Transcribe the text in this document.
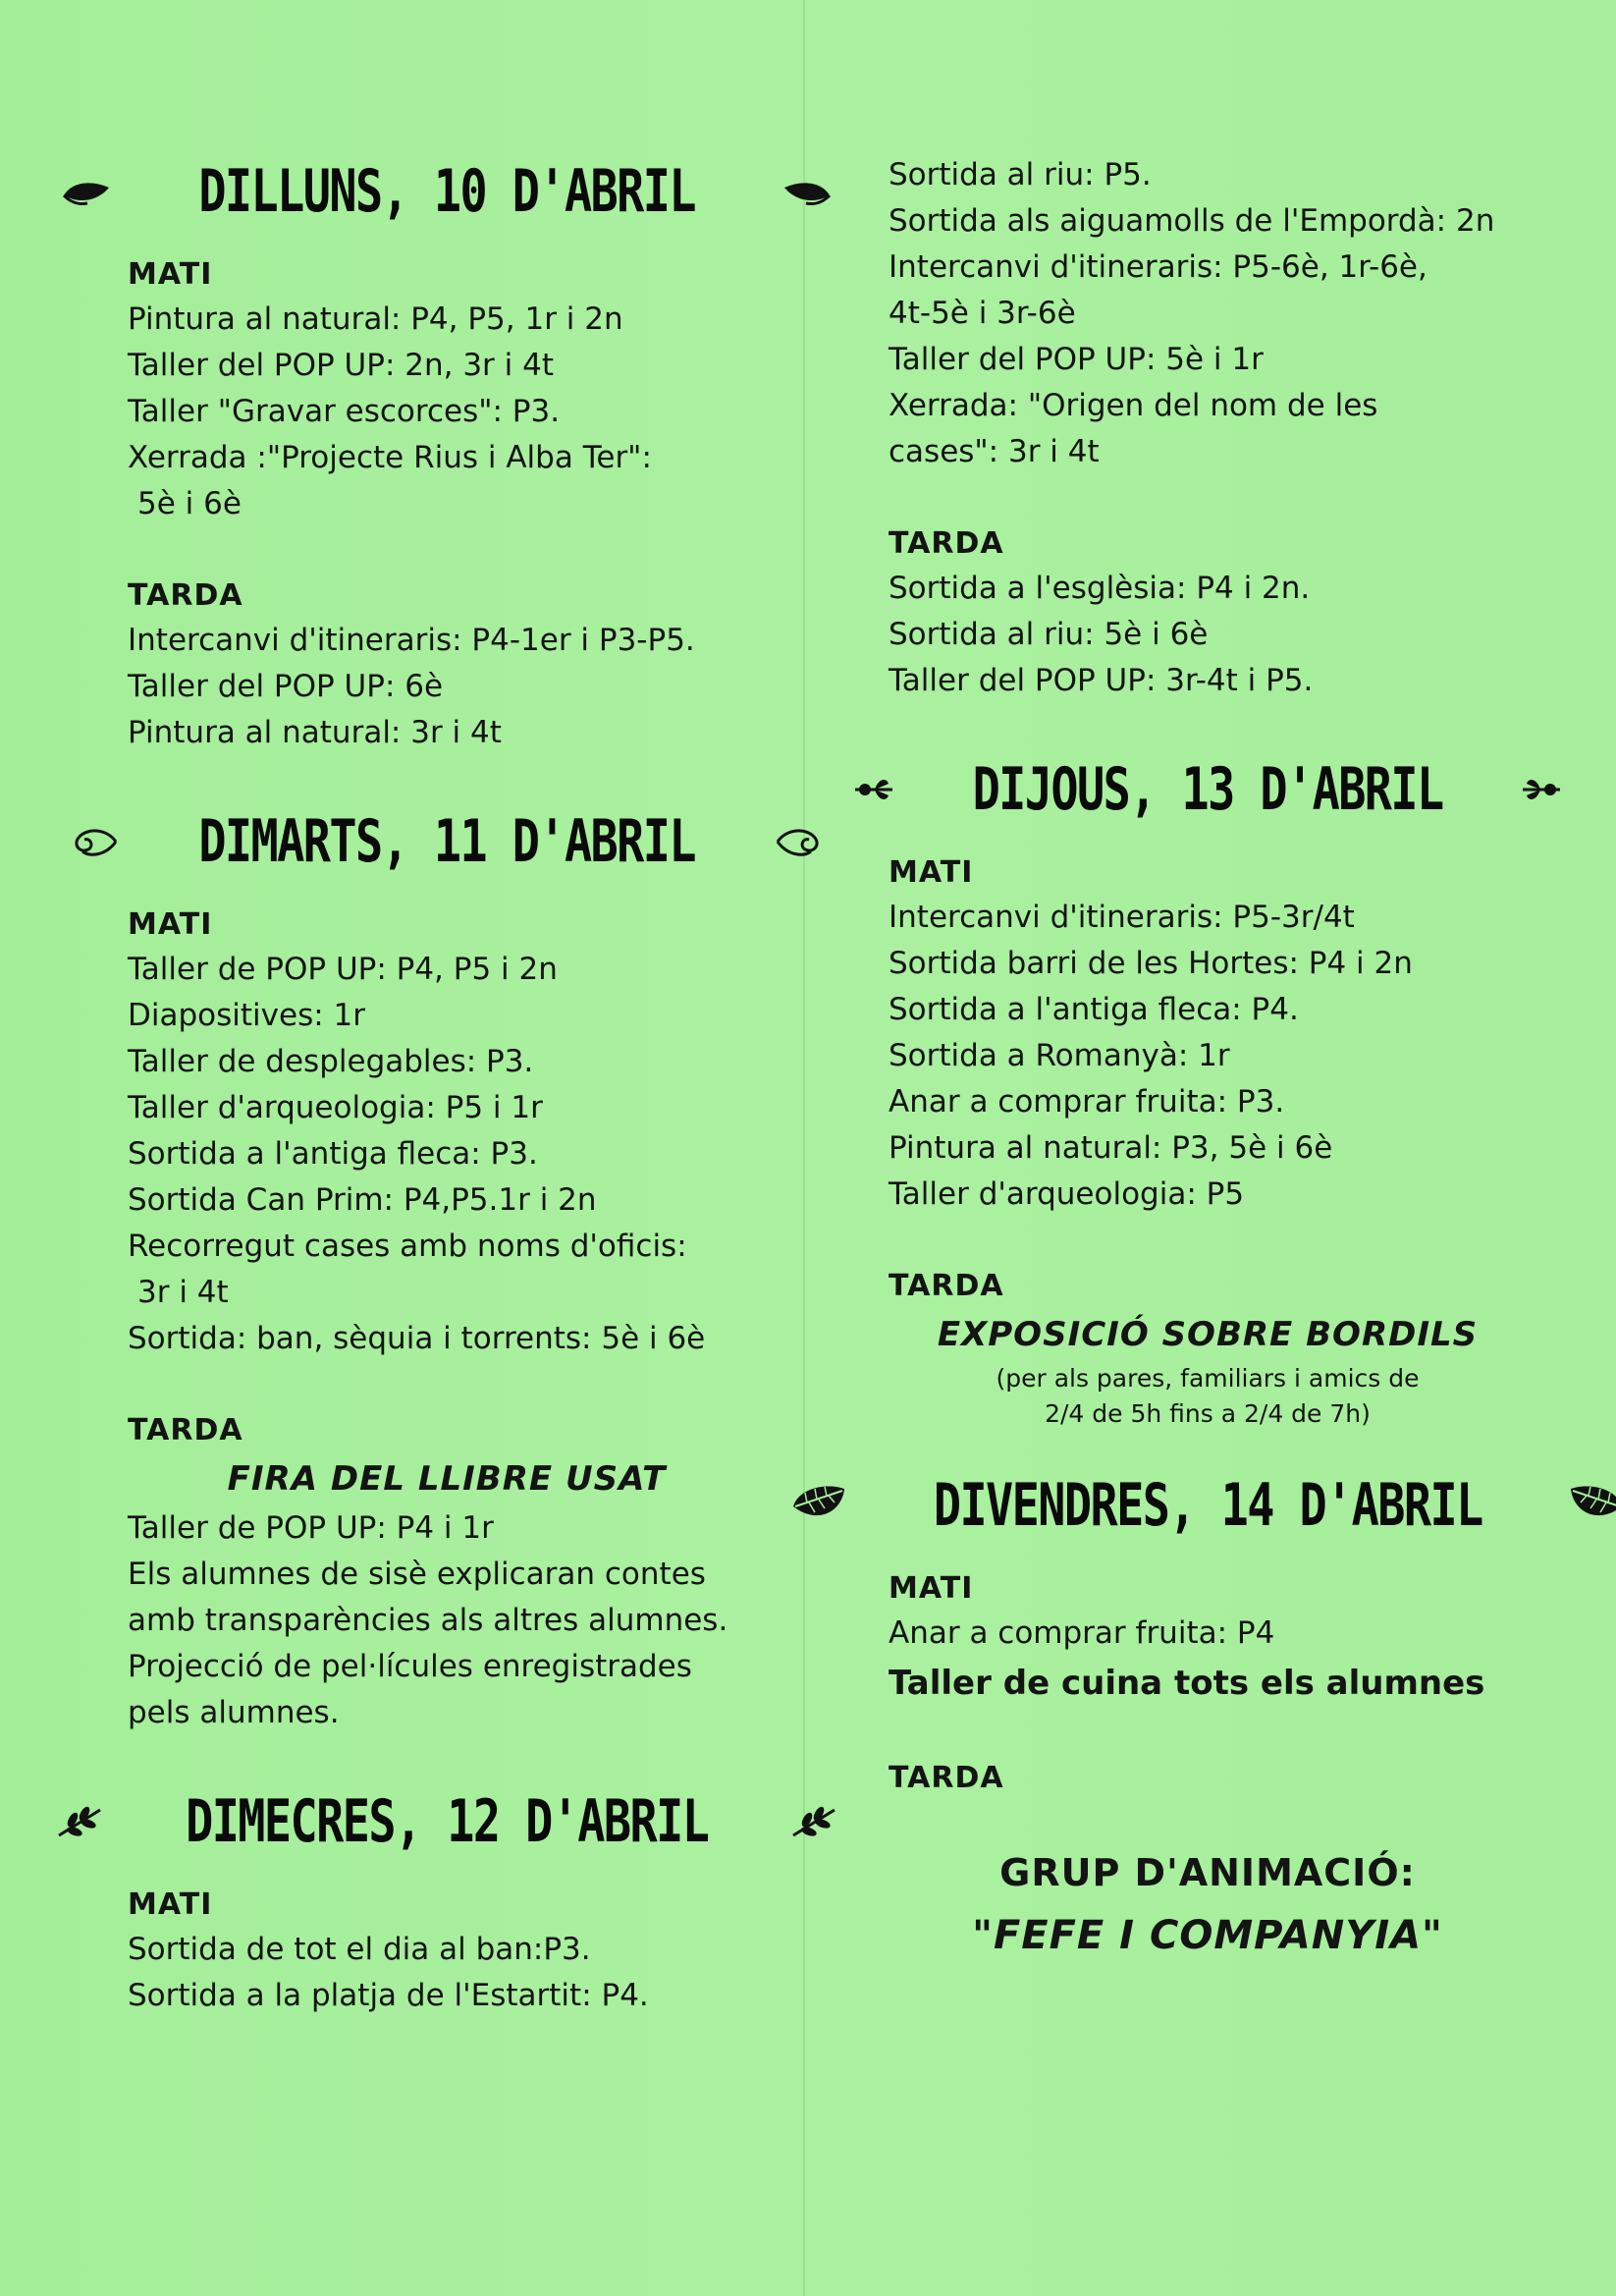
DILLUNS, 10 D'ABRIL
MATI
Pintura al natural: P4, P5, 1r i 2n
Taller del POP UP: 2n, 3r i 4t
Taller "Gravar escorces": P3.
Xerrada :"Projecte Rius i Alba Ter":
5è i 6è
TARDA
Intercanvi d'itineraris: P4-1er i P3-P5.
Taller del POP UP: 6è
Pintura al natural: 3r i 4t
DIMARTS, 11 D'ABRIL
MATI
Taller de POP UP: P4, P5 i 2n
Diapositives: 1r
Taller de desplegables: P3.
Taller d'arqueologia: P5 i 1r
Sortida a l'antiga fleca: P3.
Sortida Can Prim: P4,P5.1r i 2n
Recorregut cases amb noms d'oficis:
3r i 4t
Sortida: ban, sèquia i torrents: 5è i 6è
TARDA
FIRA DEL LLIBRE USAT
Taller de POP UP: P4 i 1r
Els alumnes de sisè explicaran contes
amb transparències als altres alumnes.
Projecció de pel·lícules enregistrades
pels alumnes.
DIMECRES, 12 D'ABRIL
MATI
Sortida de tot el dia al ban:P3.
Sortida a la platja de l'Estartit: P4.
Sortida al riu: P5.
Sortida als aiguamolls de l'Empordà: 2n
Intercanvi d'itineraris: P5-6è, 1r-6è,
4t-5è i 3r-6è
Taller del POP UP: 5è i 1r
Xerrada: "Origen del nom de les
cases": 3r i 4t
TARDA
Sortida a l'esglèsia: P4 i 2n.
Sortida al riu: 5è i 6è
Taller del POP UP: 3r-4t i P5.
DIJOUS, 13 D'ABRIL
MATI
Intercanvi d'itineraris: P5-3r/4t
Sortida barri de les Hortes: P4 i 2n
Sortida a l'antiga fleca: P4.
Sortida a Romanyà: 1r
Anar a comprar fruita: P3.
Pintura al natural: P3, 5è i 6è
Taller d'arqueologia: P5
TARDA
EXPOSICIÓ SOBRE BORDILS
(per als pares, familiars i amics de
2/4 de 5h fins a 2/4 de 7h)
DIVENDRES, 14 D'ABRIL
MATI
Anar a comprar fruita: P4
Taller de cuina tots els alumnes
TARDA
GRUP D'ANIMACIÓ:
"FEFE I COMPANYIA"
